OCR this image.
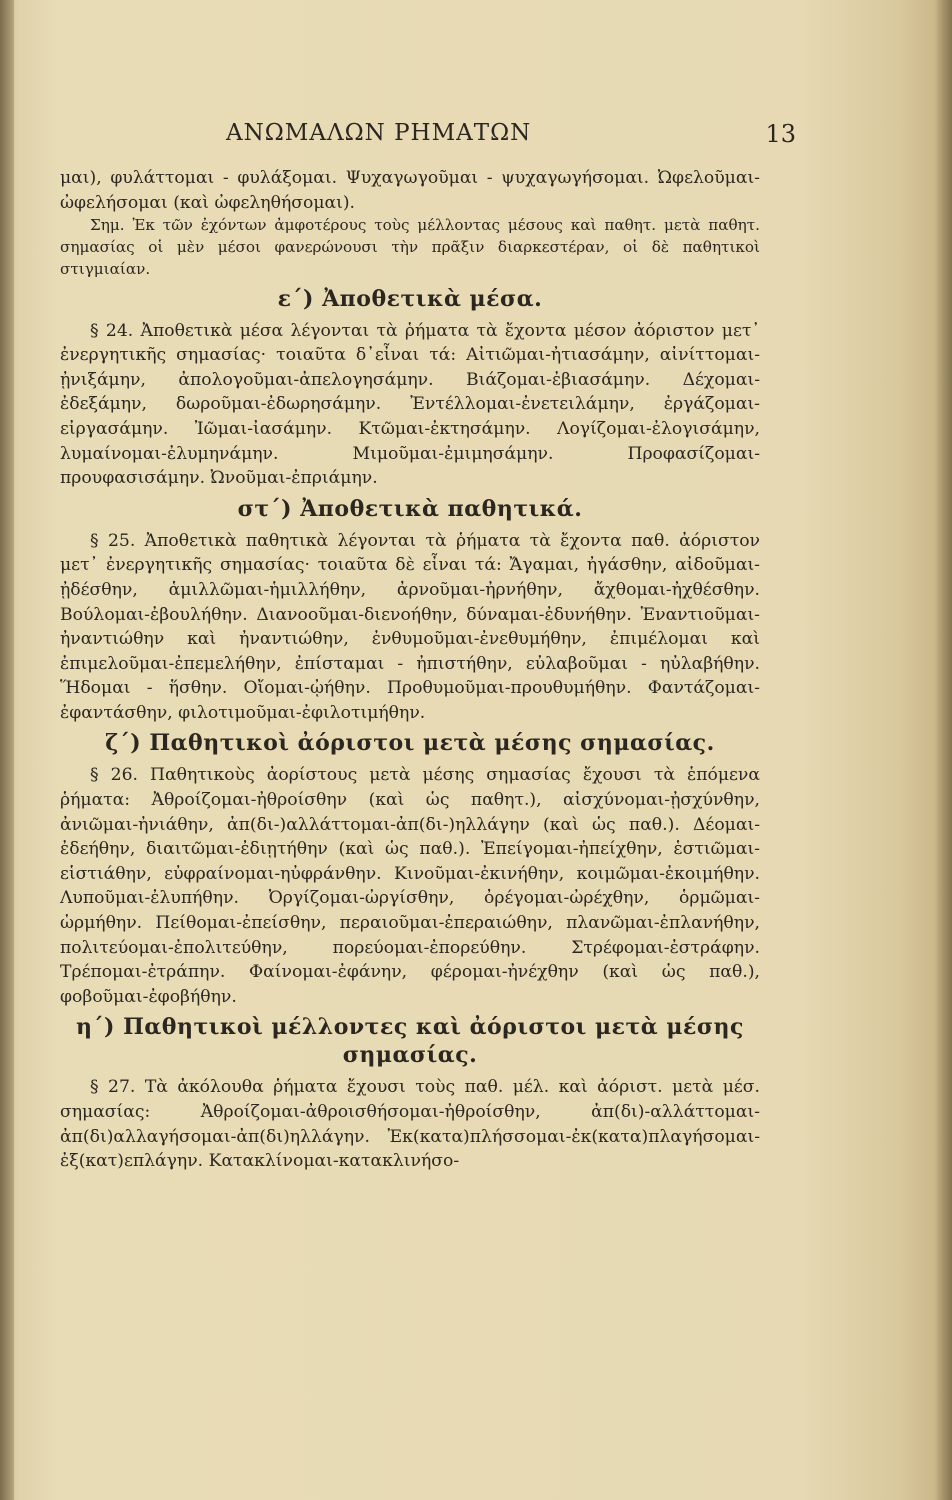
ΑΝΩΜΑΛΩΝ ΡΗΜΑΤΩΝ	13

μαι), φυλάττομαι - φυλάξομαι. Ψυχαγωγοῦμαι - ψυχαγωγήσομαι. Ὠφελοῦμαι-ὠφελήσομαι (καὶ ὠφεληθήσομαι).

Σημ. Ἐκ τῶν ἐχόντων ἀμφοτέρους τοὺς μέλλοντας μέσους καὶ παθητ. μετὰ παθητ. σημασίας οἱ μὲν μέσοι φανερώνουσι τὴν πρᾶξιν διαρκεστέραν, οἱ δὲ παθητικοὶ στιγμιαίαν.

ε΄) Ἀποθετικὰ μέσα.

§ 24. Ἀποθετικὰ μέσα λέγονται τὰ ῥήματα τὰ ἔχοντα μέσον ἀόριστον μετ᾽ ἐνεργητικῆς σημασίας· τοιαῦτα δ᾽εἶναι τά: Αἰτιῶμαι-ἠτιασάμην, αἰνίττομαι-ᾐνιξάμην, ἀπολογοῦμαι-ἀπελογησάμην. Βιάζομαι-ἐβιασάμην. Δέχομαι-ἐδεξάμην, δωροῦμαι-ἐδωρησάμην. Ἐντέλλομαι-ἐνετειλάμην, ἐργάζομαι-εἰργασάμην. Ἰῶμαι-ἰασάμην. Κτῶμαι-ἐκτησάμην. Λογίζομαι-ἐλογισάμην, λυμαίνομαι-ἐλυμηνάμην. Μιμοῦμαι-ἐμιμησάμην. Προφασίζομαι-προυφασισάμην. Ὠνοῦμαι-ἐπριάμην.

στ΄) Ἀποθετικὰ παθητικά.

§ 25. Ἀποθετικὰ παθητικὰ λέγονται τὰ ῥήματα τὰ ἔχοντα παθ. ἀόριστον μετ᾽ ἐνεργητικῆς σημασίας· τοιαῦτα δὲ εἶναι τά: Ἄγαμαι, ἠγάσθην, αἰδοῦμαι-ᾐδέσθην, ἁμιλλῶμαι-ἡμιλλήθην, ἀρνοῦμαι-ἠρνήθην, ἄχθομαι-ἠχθέσθην. Βούλομαι-ἐβουλήθην. Διανοοῦμαι-διενοήθην, δύναμαι-ἐδυνήθην. Ἐναντιοῦμαι-ἠναντιώθην καὶ ἠναντιώθην, ἐνθυμοῦμαι-ἐνεθυμήθην, ἐπιμέλομαι καὶ ἐπιμελοῦμαι-ἐπεμελήθην, ἐπίσταμαι - ἠπιστήθην, εὐλαβοῦμαι - ηὐλαβήθην. Ἥδομαι - ἥσθην. Οἴομαι-ᾠήθην. Προθυμοῦμαι-προυθυμήθην. Φαντάζομαι-ἐφαντάσθην, φιλοτιμοῦμαι-ἐφιλοτιμήθην.

ζ΄) Παθητικοὶ ἀόριστοι μετὰ μέσης σημασίας.

§ 26. Παθητικοὺς ἀορίστους μετὰ μέσης σημασίας ἔχουσι τὰ ἑπόμενα ῥήματα: Ἀθροίζομαι-ἠθροίσθην (καὶ ὡς παθητ.), αἰσχύνομαι-ᾐσχύνθην, ἀνιῶμαι-ἠνιάθην, ἀπ(δι-)αλλάττομαι-ἀπ(δι-)ηλλάγην (καὶ ὡς παθ.). Δέομαι-ἐδεήθην, διαιτῶμαι-ἐδιῃτήθην (καὶ ὡς παθ.). Ἐπείγομαι-ἠπείχθην, ἑστιῶμαι-εἱστιάθην, εὐφραίνομαι-ηὐφράνθην. Κινοῦμαι-ἐκινήθην, κοιμῶμαι-ἐκοιμήθην. Λυποῦμαι-ἐλυπήθην. Ὀργίζομαι-ὠργίσθην, ὀρέγομαι-ὠρέχθην, ὁρμῶμαι-ὡρμήθην. Πείθομαι-ἐπείσθην, περαιοῦμαι-ἐπεραιώθην, πλανῶμαι-ἐπλανήθην, πολιτεύομαι-ἐπολιτεύθην, πορεύομαι-ἐπορεύθην. Στρέφομαι-ἐστράφην. Τρέπομαι-ἐτράπην. Φαίνομαι-ἐφάνην, φέρομαι-ἠνέχθην (καὶ ὡς παθ.), φοβοῦμαι-ἐφοβήθην.

η΄) Παθητικοὶ μέλλοντες καὶ ἀόριστοι μετὰ μέσης σημασίας.

§ 27. Τὰ ἀκόλουθα ῥήματα ἔχουσι τοὺς παθ. μέλ. καὶ ἀόριστ. μετὰ μέσ. σημασίας: Ἀθροίζομαι-ἀθροισθήσομαι-ἠθροίσθην, ἀπ(δι)-αλλάττομαι-ἀπ(δι)αλλαγήσομαι-ἀπ(δι)ηλλάγην. Ἐκ(κατα)πλήσσομαι-ἐκ(κατα)πλαγήσομαι-ἐξ(κατ)επλάγην. Κατακλίνομαι-κατακλινήσο-
